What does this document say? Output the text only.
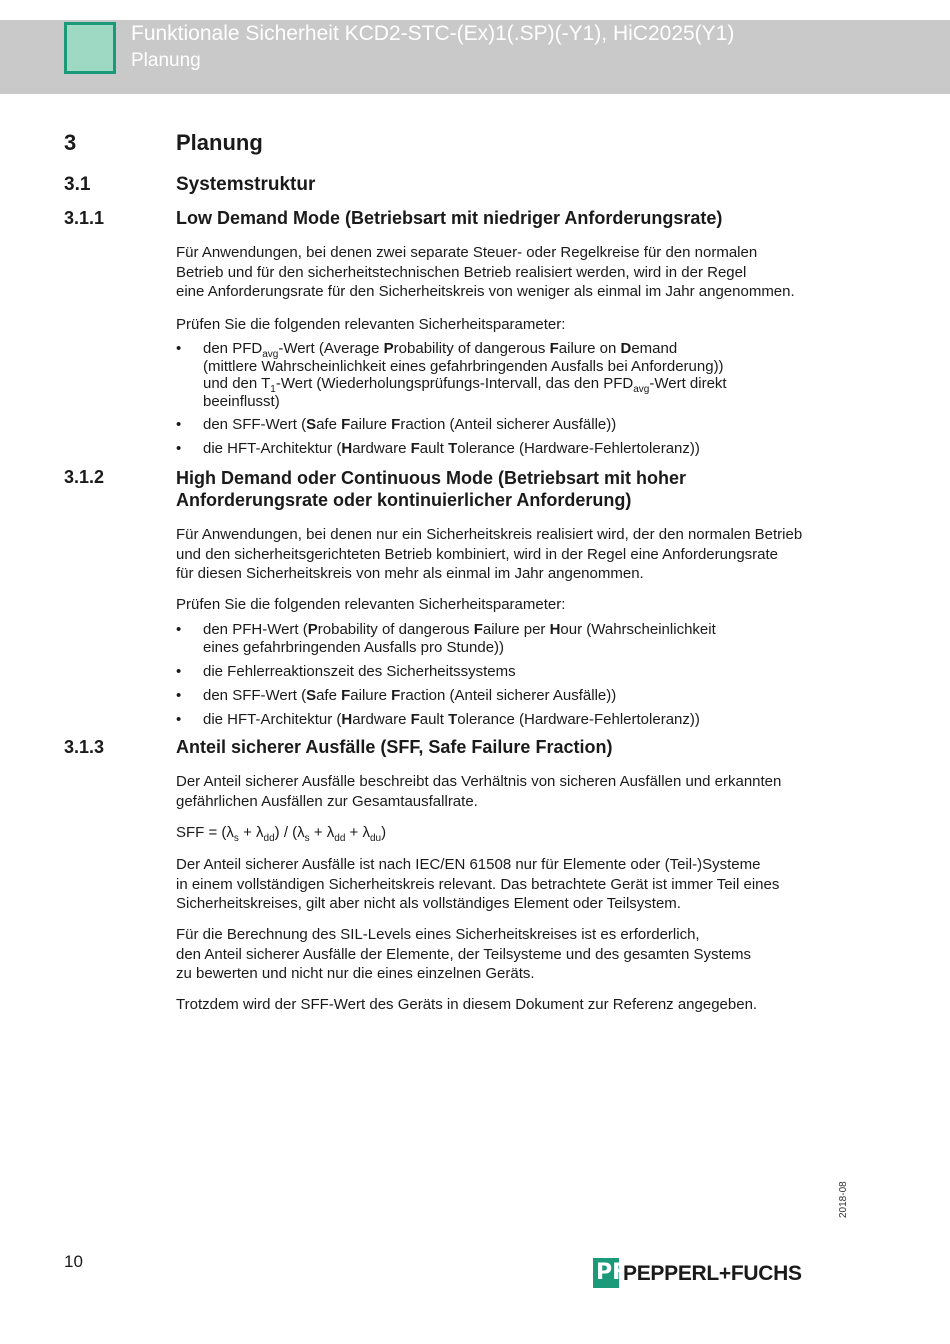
Funktionale Sicherheit KCD2-STC-(Ex)1(.SP)(-Y1), HiC2025(Y1)
Planung
3	Planung
3.1	Systemstruktur
3.1.1	Low Demand Mode (Betriebsart mit niedriger Anforderungsrate)
Für Anwendungen, bei denen zwei separate Steuer- oder Regelkreise für den normalen
Betrieb und für den sicherheitstechnischen Betrieb realisiert werden, wird in der Regel
eine Anforderungsrate für den Sicherheitskreis von weniger als einmal im Jahr angenommen.
Prüfen Sie die folgenden relevanten Sicherheitsparameter:
• den $PFD_{avg}$-Wert (Average Probability of dangerous Failure on Demand
(mittlere Wahrscheinlichkeit eines gefahrbringenden Ausfalls bei Anforderung))
und den $T_1$-Wert (Wiederholungsprüfungs-Intervall, das den $PFD_{avg}$-Wert direkt
beeinflusst)
• den SFF-Wert (Safe Failure Fraction (Anteil sicherer Ausfälle))
• die HFT-Architektur (Hardware Fault Tolerance (Hardware-Fehlertoleranz))
3.1.2	High Demand oder Continuous Mode (Betriebsart mit hoher
Anforderungsrate oder kontinuierlicher Anforderung)
Für Anwendungen, bei denen nur ein Sicherheitskreis realisiert wird, der den normalen Betrieb
und den sicherheitsgerichteten Betrieb kombiniert, wird in der Regel eine Anforderungsrate
für diesen Sicherheitskreis von mehr als einmal im Jahr angenommen.
Prüfen Sie die folgenden relevanten Sicherheitsparameter:
• den PFH-Wert (Probability of dangerous Failure per Hour (Wahrscheinlichkeit
eines gefahrbringenden Ausfalls pro Stunde))
• die Fehlerreaktionszeit des Sicherheitssystems
• den SFF-Wert (Safe Failure Fraction (Anteil sicherer Ausfälle))
• die HFT-Architektur (Hardware Fault Tolerance (Hardware-Fehlertoleranz))
3.1.3	Anteil sicherer Ausfälle (SFF, Safe Failure Fraction)
Der Anteil sicherer Ausfälle beschreibt das Verhältnis von sicheren Ausfällen und erkannten
gefährlichen Ausfällen zur Gesamtausfallrate.
SFF = $(\lambda_s + \lambda_{dd}) / (\lambda_s + \lambda_{dd} + \lambda_{du})$
Der Anteil sicherer Ausfälle ist nach IEC/EN 61508 nur für Elemente oder (Teil-)Systeme
in einem vollständigen Sicherheitskreis relevant. Das betrachtete Gerät ist immer Teil eines
Sicherheitskreises, gilt aber nicht als vollständiges Element oder Teilsystem.
Für die Berechnung des SIL-Levels eines Sicherheitskreises ist es erforderlich,
den Anteil sicherer Ausfälle der Elemente, der Teilsysteme und des gesamten Systems
zu bewerten und nicht nur die eines einzelnen Geräts.
Trotzdem wird der SFF-Wert des Geräts in diesem Dokument zur Referenz angegeben.
2018-08
10	PF
PEPPERL+FUCHS
